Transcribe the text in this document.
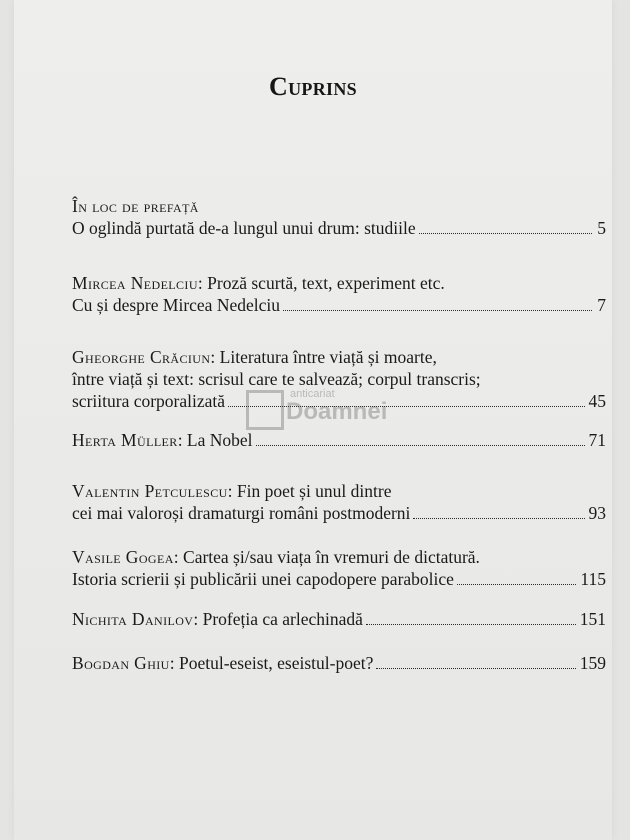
Cuprins
În loc de prefață
O oglindă purtată de-a lungul unui drum: studiile	5
Mircea Nedelciu: Proză scurtă, text, experiment etc.
Cu și despre Mircea Nedelciu	7
Gheorghe Crăciun: Literatura între viață și moarte,
între viață și text: scrisul care te salvează; corpul transcris;
scriitura corporalizată	45
Herta Müller : La Nobel	71
Valentin Petculescu: Fin poet și unul dintre
cei mai valoroși dramaturgi români postmoderni	93
Vasile Gogea: Cartea și/sau viața în vremuri de dictatură.
Istoria scrierii și publicării unei capodopere parabolice	115
Nichita Danilov : Profeția ca arlechinadă	151
Bogdan Ghiu : Poetul-eseist, eseistul-poet?	159
anticariat
Doamnei
